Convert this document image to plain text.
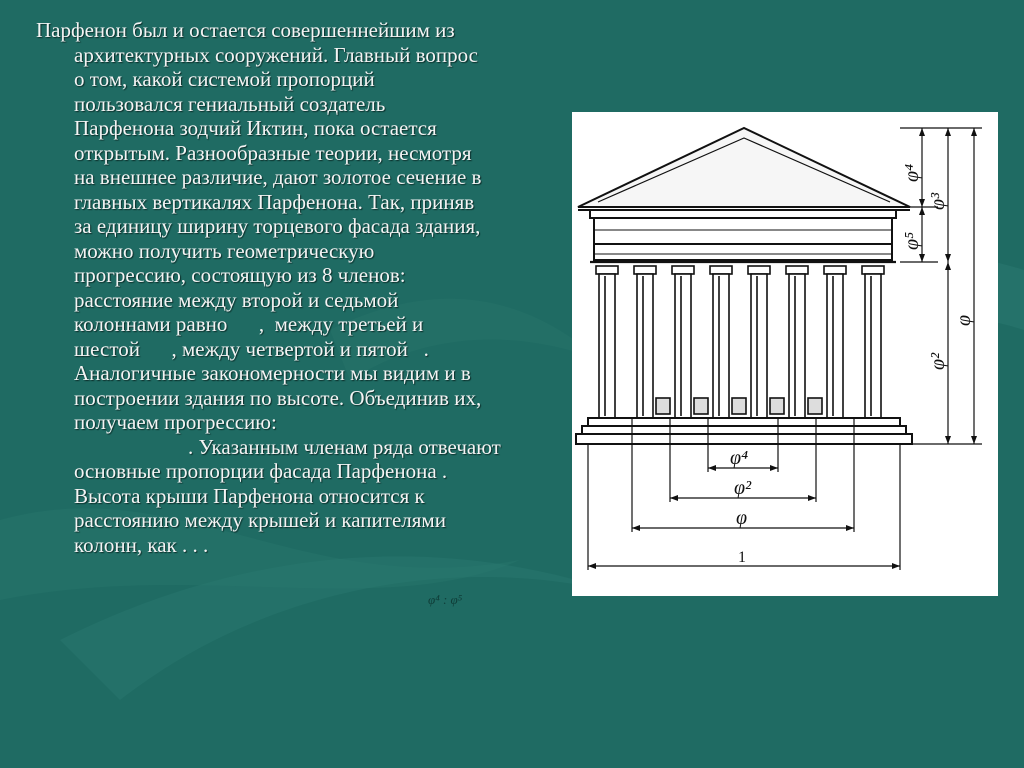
Парфенон был и остается совершеннейшим из
архитектурных сооружений. Главный вопрос
о том, какой системой пропорций
пользовался гениальный создатель
Парфенона зодчий Иктин, пока остается
открытым. Разнообразные теории, несмотря
на внешнее различие, дают золотое сечение в
главных вертикалях Парфенона. Так, приняв
за единицу ширину торцевого фасада здания,
можно получить геометрическую
прогрессию, состоящую из 8 членов:
расстояние между второй и седьмой
колоннами равно      ,  между третьей и
шестой      , между четвертой и пятой   .
Аналогичные закономерности мы видим и в
построении здания по высоте. Объединив их,
получаем прогрессию:

. Указанным членам ряда отвечают
основные пропорции фасада Парфенона .
Высота крыши Парфенона относится к
расстоянию между крышей и капителями
колонн, как . . .

φ⁴ : φ⁵
φ⁴
φ³
φ⁵
φ²
φ
φ⁴
φ²
φ
1
